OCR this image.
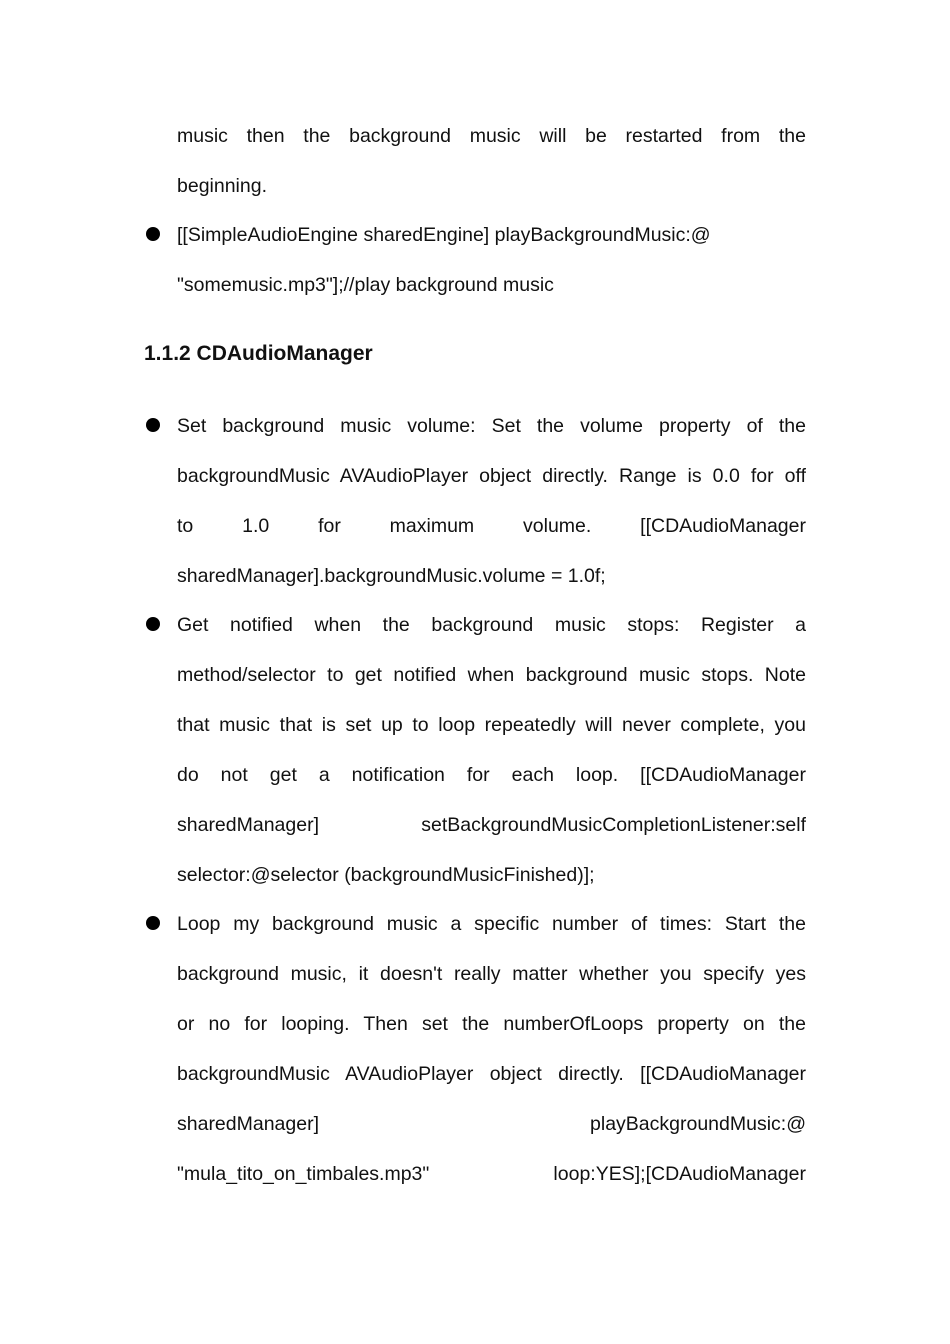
music then the background music will be restarted from the
beginning.
[[SimpleAudioEngine sharedEngine] playBackgroundMusic:@
"somemusic.mp3"];//play background music
1.1.2 CDAudioManager
Set background music volume: Set the volume property of the
backgroundMusic AVAudioPlayer object directly. Range is 0.0 for off
to 1.0 for maximum volume. [[CDAudioManager
sharedManager].backgroundMusic.volume = 1.0f;
Get notified when the background music stops: Register a
method/selector to get notified when background music stops. Note
that music that is set up to loop repeatedly will never complete, you
do not get a notification for each loop. [[CDAudioManager
sharedManager] setBackgroundMusicCompletionListener:self
selector:@selector (backgroundMusicFinished)];
Loop my background music a specific number of times: Start the
background music, it doesn't really matter whether you specify yes
or no for looping. Then set the numberOfLoops property on the
backgroundMusic AVAudioPlayer object directly. [[CDAudioManager
sharedManager] playBackgroundMusic:@
"mula_tito_on_timbales.mp3" loop:YES];[CDAudioManager
